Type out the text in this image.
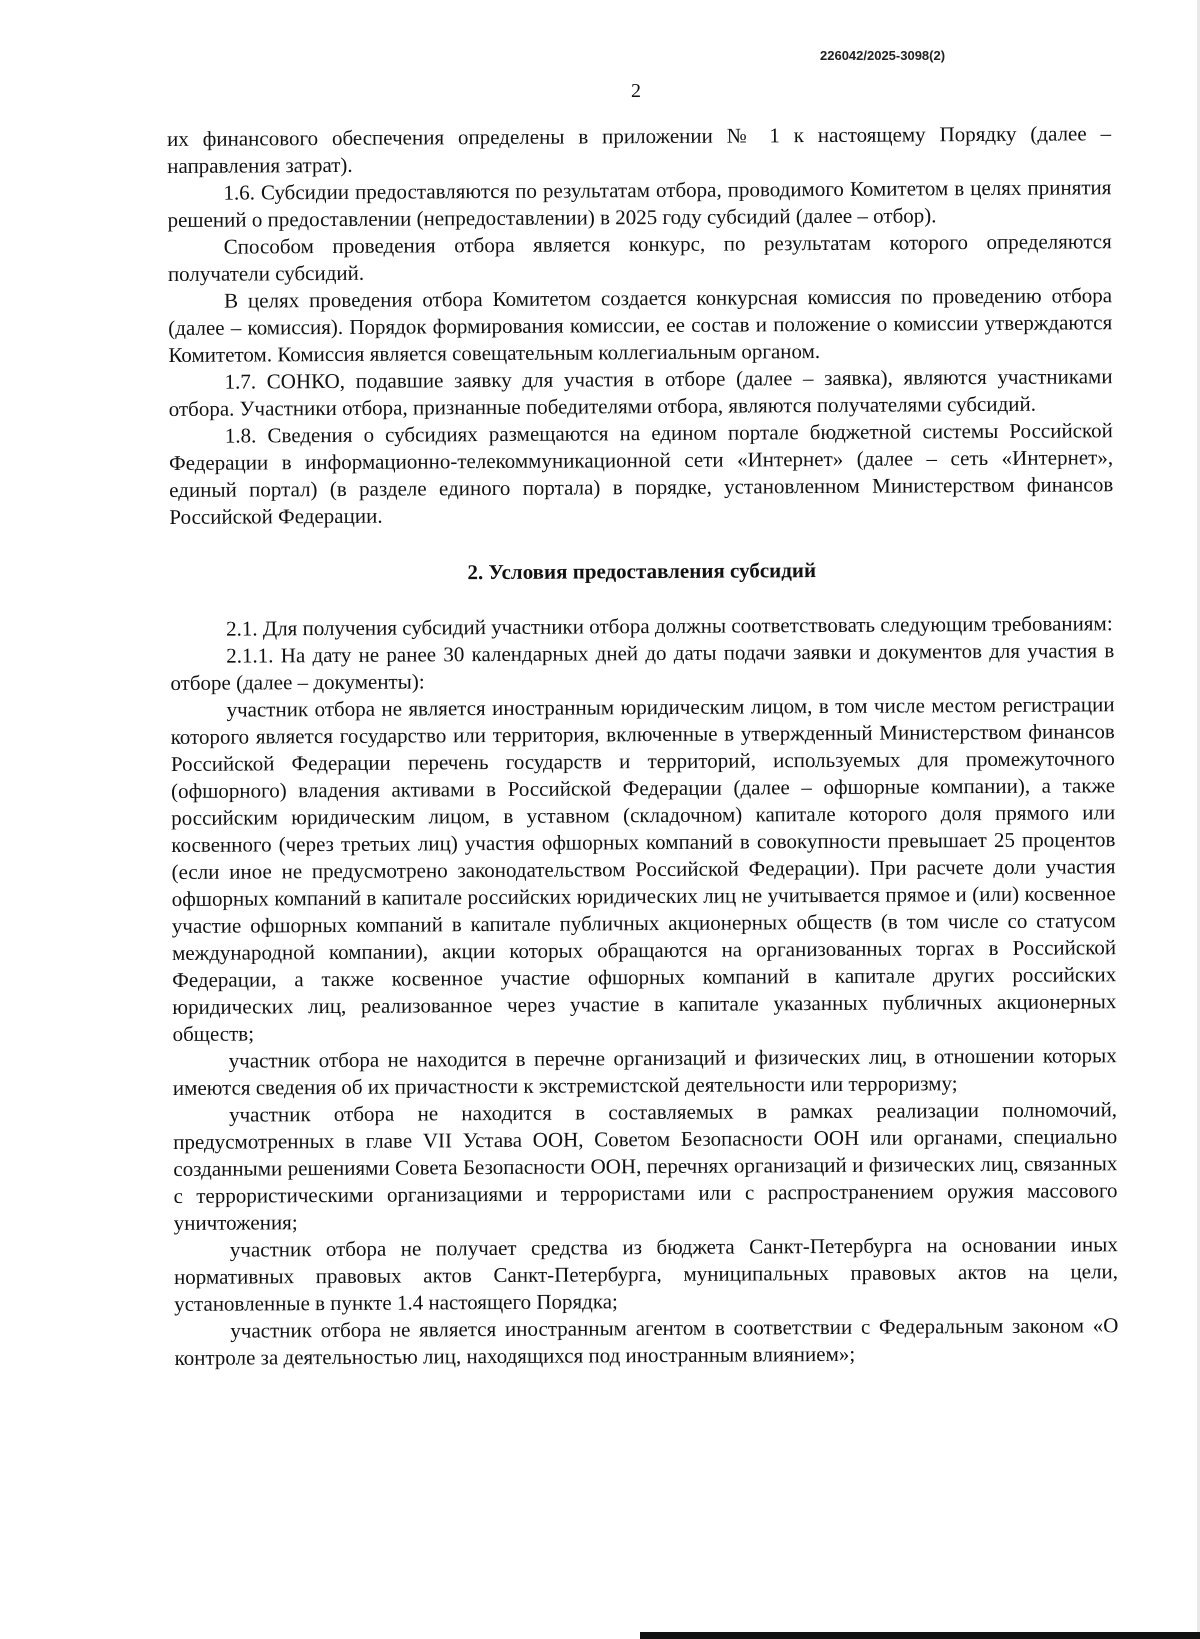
226042/2025-3098(2)
2

их финансового обеспечения определены в приложении № 1 к настоящему Порядку (далее – направления затрат).

1.6. Субсидии предоставляются по результатам отбора, проводимого Комитетом в целях принятия решений о предоставлении (непредоставлении) в 2025 году субсидий (далее – отбор).

Способом проведения отбора является конкурс, по результатам которого определяются получатели субсидий.

В целях проведения отбора Комитетом создается конкурсная комиссия по проведению отбора (далее – комиссия). Порядок формирования комиссии, ее состав и положение о комиссии утверждаются Комитетом. Комиссия является совещательным коллегиальным органом.

1.7. СОНКО, подавшие заявку для участия в отборе (далее – заявка), являются участниками отбора. Участники отбора, признанные победителями отбора, являются получателями субсидий.

1.8. Сведения о субсидиях размещаются на едином портале бюджетной системы Российской Федерации в информационно-телекоммуникационной сети «Интернет» (далее – сеть «Интернет», единый портал) (в разделе единого портала) в порядке, установленном Министерством финансов Российской Федерации.

2. Условия предоставления субсидий

2.1. Для получения субсидий участники отбора должны соответствовать следующим требованиям:

2.1.1. На дату не ранее 30 календарных дней до даты подачи заявки и документов для участия в отборе (далее – документы):

участник отбора не является иностранным юридическим лицом, в том числе местом регистрации которого является государство или территория, включенные в утвержденный Министерством финансов Российской Федерации перечень государств и территорий, используемых для промежуточного (офшорного) владения активами в Российской Федерации (далее – офшорные компании), а также российским юридическим лицом, в уставном (складочном) капитале которого доля прямого или косвенного (через третьих лиц) участия офшорных компаний в совокупности превышает 25 процентов (если иное не предусмотрено законодательством Российской Федерации). При расчете доли участия офшорных компаний в капитале российских юридических лиц не учитывается прямое и (или) косвенное участие офшорных компаний в капитале публичных акционерных обществ (в том числе со статусом международной компании), акции которых обращаются на организованных торгах в Российской Федерации, а также косвенное участие офшорных компаний в капитале других российских юридических лиц, реализованное через участие в капитале указанных публичных акционерных обществ;

участник отбора не находится в перечне организаций и физических лиц, в отношении которых имеются сведения об их причастности к экстремистской деятельности или терроризму;

участник отбора не находится в составляемых в рамках реализации полномочий, предусмотренных в главе VII Устава ООН, Советом Безопасности ООН или органами, специально созданными решениями Совета Безопасности ООН, перечнях организаций и физических лиц, связанных с террористическими организациями и террористами или с распространением оружия массового уничтожения;

участник отбора не получает средства из бюджета Санкт-Петербурга на основании иных нормативных правовых актов Санкт-Петербурга, муниципальных правовых актов на цели, установленные в пункте 1.4 настоящего Порядка;

участник отбора не является иностранным агентом в соответствии с Федеральным законом «О контроле за деятельностью лиц, находящихся под иностранным влиянием»;
